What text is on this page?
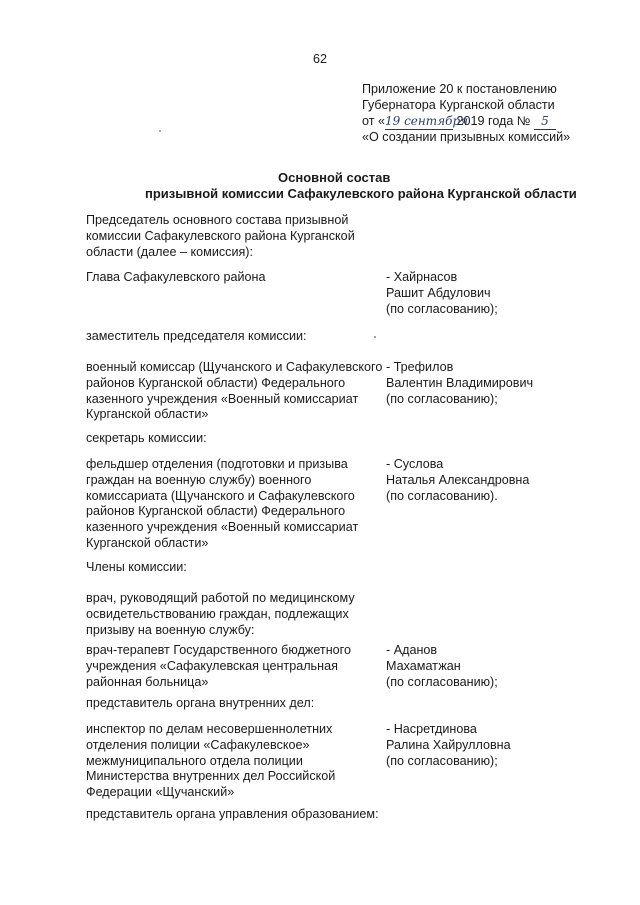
62
Приложение 20 к постановлению
Губернатора Курганской области
от «19 сентября 2019 года № 5
«О создании призывных комиссий»
Основной состав
призывной комиссии Сафакулевского района Курганской области
Председатель основного состава призывной
комиссии Сафакулевского района Курганской
области (далее – комиссия):
Глава Сафакулевского района	- Хайрнасов
Рашит Абдулович
(по согласованию);
заместитель председателя комиссии:
военный комиссар (Щучанского и Сафакулевского
районов Курганской области) Федерального
казенного учреждения «Военный комиссариат
Курганской области»
- Трефилов
Валентин Владимирович
(по согласованию);
секретарь комиссии:
фельдшер отделения (подготовки и призыва
граждан на военную службу) военного
комиссариата (Щучанского и Сафакулевского
районов Курганской области) Федерального
казенного учреждения «Военный комиссариат
Курганской области»
- Суслова
Наталья Александровна
(по согласованию).
Члены комиссии:
врач, руководящий работой по медицинскому
освидетельствованию граждан, подлежащих
призыву на военную службу:
врач-терапевт Государственного бюджетного
учреждения «Сафакулевская центральная
районная больница»
- Аданов
Махаматжан
(по согласованию);
представитель органа внутренних дел:
инспектор по делам несовершеннолетних
отделения полиции «Сафакулевское»
межмуниципального отдела полиции
Министерства внутренних дел Российской
Федерации «Щучанский»
- Насретдинова
Ралина Хайрулловна
(по согласованию);
представитель органа управления образованием:
